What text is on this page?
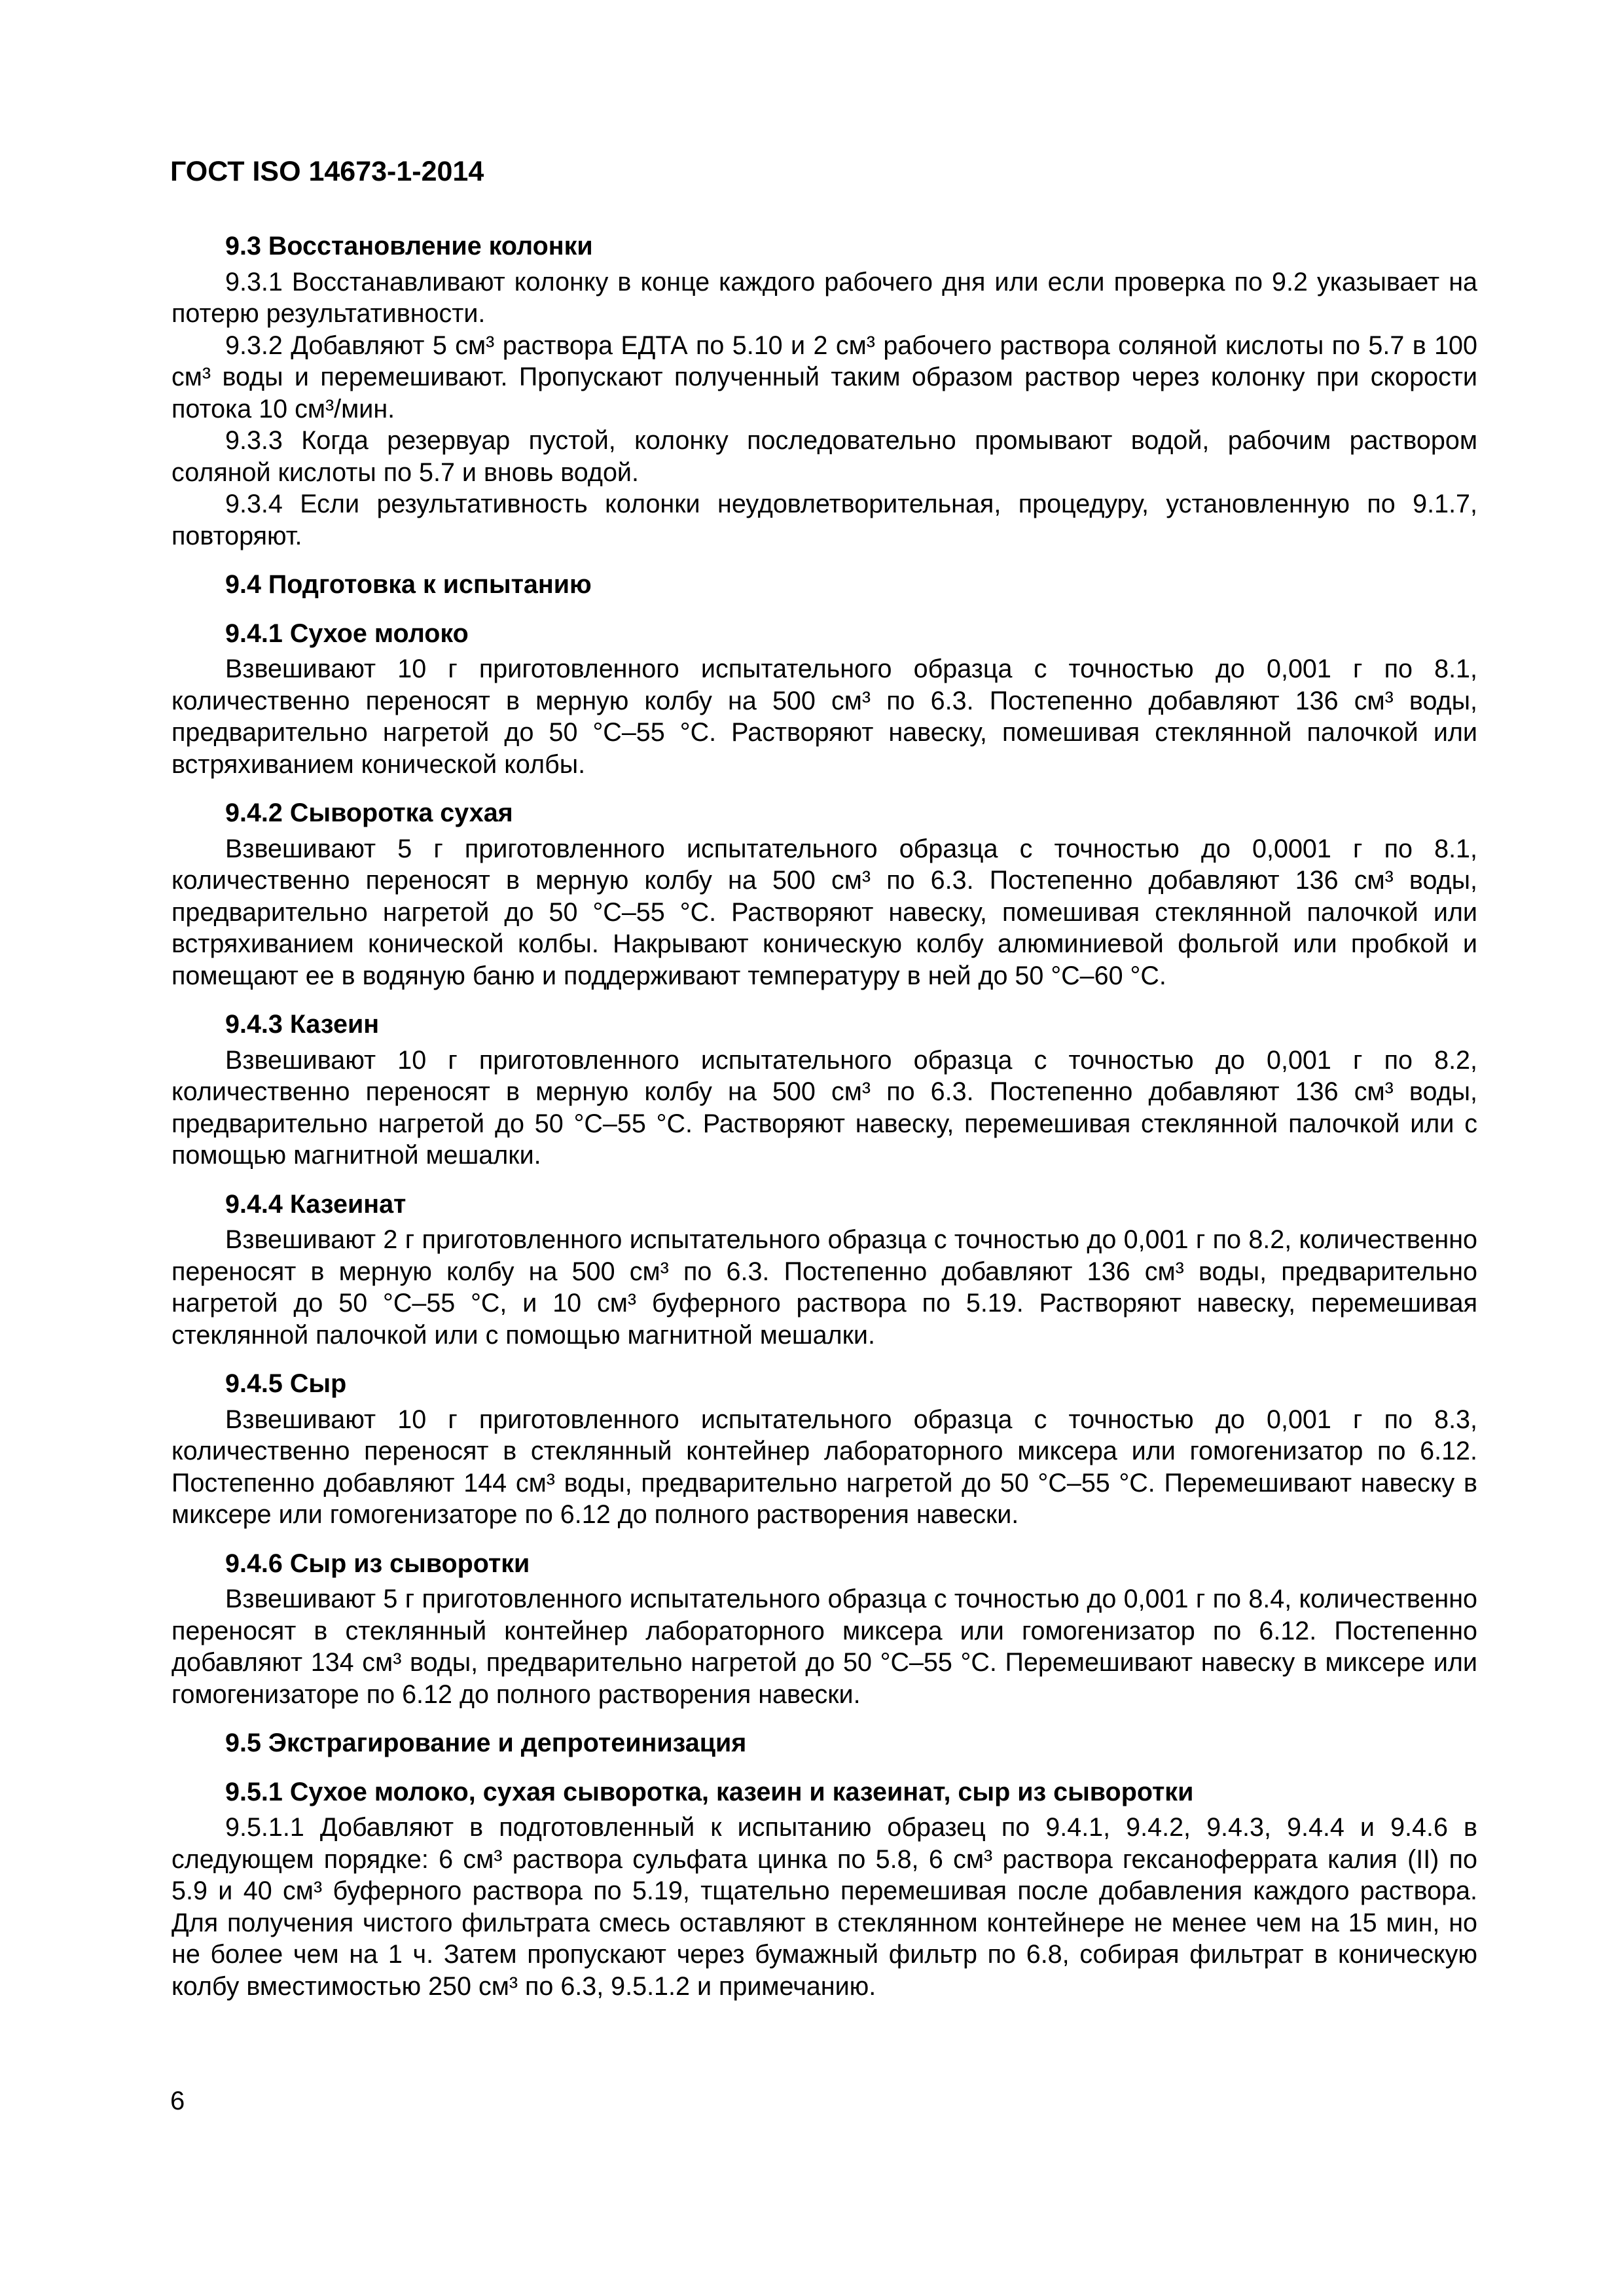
ГОСТ ISO 14673-1-2014
9.3 Восстановление колонки
9.3.1 Восстанавливают колонку в конце каждого рабочего дня или если проверка по 9.2 указывает на потерю результативности.
9.3.2 Добавляют 5 см³ раствора ЕДТА по 5.10 и 2 см³ рабочего раствора соляной кислоты по 5.7 в 100 см³ воды и перемешивают. Пропускают полученный таким образом раствор через колонку при скорости потока 10 см³/мин.
9.3.3 Когда резервуар пустой, колонку последовательно промывают водой, рабочим раствором соляной кислоты по 5.7 и вновь водой.
9.3.4 Если результативность колонки неудовлетворительная, процедуру, установленную по 9.1.7, повторяют.
9.4 Подготовка к испытанию
9.4.1 Сухое молоко
Взвешивают 10 г приготовленного испытательного образца с точностью до 0,001 г по 8.1, количественно переносят в мерную колбу на 500 см³ по 6.3. Постепенно добавляют 136 см³ воды, предварительно нагретой до 50 °С–55 °С. Растворяют навеску, помешивая стеклянной палочкой или встряхиванием конической колбы.
9.4.2 Сыворотка сухая
Взвешивают 5 г приготовленного испытательного образца с точностью до 0,0001 г по 8.1, количественно переносят в мерную колбу на 500 см³ по 6.3. Постепенно добавляют 136 см³ воды, предварительно нагретой до 50 °С–55 °С. Растворяют навеску, помешивая стеклянной палочкой или встряхиванием конической колбы. Накрывают коническую колбу алюминиевой фольгой или пробкой и помещают ее в водяную баню и поддерживают температуру в ней до 50 °С–60 °С.
9.4.3 Казеин
Взвешивают 10 г приготовленного испытательного образца с точностью до 0,001 г по 8.2, количественно переносят в мерную колбу на 500 см³ по 6.3. Постепенно добавляют 136 см³ воды, предварительно нагретой до 50 °С–55 °С. Растворяют навеску, перемешивая стеклянной палочкой или с помощью магнитной мешалки.
9.4.4 Казеинат
Взвешивают 2 г приготовленного испытательного образца с точностью до 0,001 г по 8.2, количественно переносят в мерную колбу на 500 см³ по 6.3. Постепенно добавляют 136 см³ воды, предварительно нагретой до 50 °С–55 °С, и 10 см³ буферного раствора по 5.19. Растворяют навеску, перемешивая стеклянной палочкой или с помощью магнитной мешалки.
9.4.5 Сыр
Взвешивают 10 г приготовленного испытательного образца с точностью до 0,001 г по 8.3, количественно переносят в стеклянный контейнер лабораторного миксера или гомогенизатор по 6.12. Постепенно добавляют 144 см³ воды, предварительно нагретой до 50 °С–55 °С. Перемешивают навеску в миксере или гомогенизаторе по 6.12 до полного растворения навески.
9.4.6 Сыр из сыворотки
Взвешивают 5 г приготовленного испытательного образца с точностью до 0,001 г по 8.4, количественно переносят в стеклянный контейнер лабораторного миксера или гомогенизатор по 6.12. Постепенно добавляют 134 см³ воды, предварительно нагретой до 50 °С–55 °С. Перемешивают навеску в миксере или гомогенизаторе по 6.12 до полного растворения навески.
9.5 Экстрагирование и депротеинизация
9.5.1 Сухое молоко, сухая сыворотка, казеин и казеинат, сыр из сыворотки
9.5.1.1 Добавляют в подготовленный к испытанию образец по 9.4.1, 9.4.2, 9.4.3, 9.4.4 и 9.4.6 в следующем порядке: 6 см³ раствора сульфата цинка по 5.8, 6 см³ раствора гексаноферрата калия (II) по 5.9 и 40 см³ буферного раствора по 5.19, тщательно перемешивая после добавления каждого раствора. Для получения чистого фильтрата смесь оставляют в стеклянном контейнере не менее чем на 15 мин, но не более чем на 1 ч. Затем пропускают через бумажный фильтр по 6.8, собирая фильтрат в коническую колбу вместимостью 250 см³ по 6.3, 9.5.1.2 и примечанию.
6
